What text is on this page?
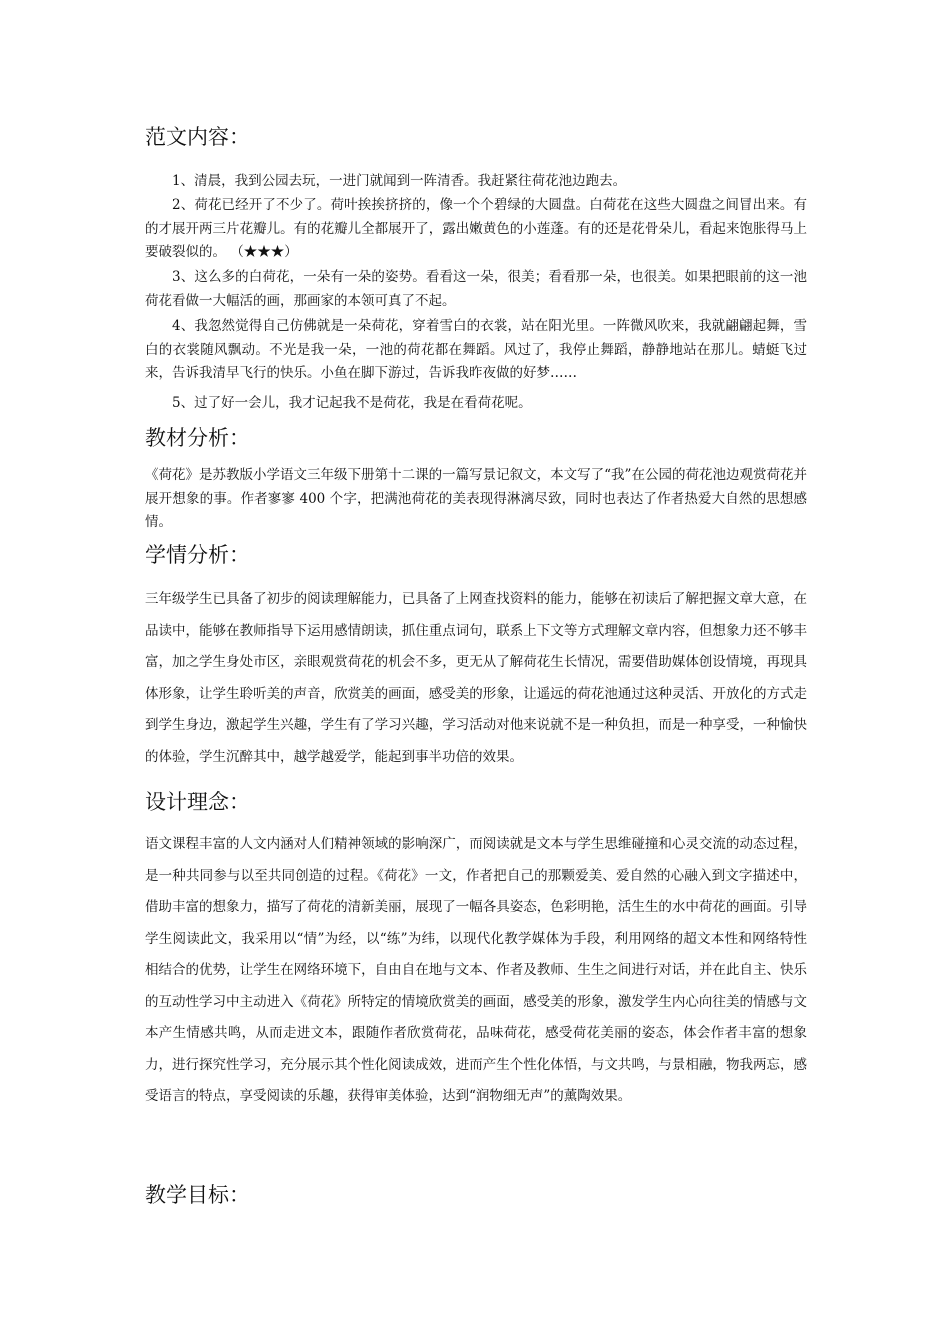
范文内容：

1、清晨，我到公园去玩，一进门就闻到一阵清香。我赶紧往荷花池边跑去。

2、荷花已经开了不少了。荷叶挨挨挤挤的，像一个个碧绿的大圆盘。白荷花在这些大圆盘之间冒出来。有的才展开两三片花瓣儿。有的花瓣儿全都展开了，露出嫩黄色的小莲蓬。有的还是花骨朵儿，看起来饱胀得马上要破裂似的。 （★★★）

3、这么多的白荷花，一朵有一朵的姿势。看看这一朵，很美；看看那一朵，也很美。如果把眼前的这一池荷花看做一大幅活的画，那画家的本领可真了不起。

4、我忽然觉得自己仿佛就是一朵荷花，穿着雪白的衣裳，站在阳光里。一阵微风吹来，我就翩翩起舞，雪白的衣裳随风飘动。不光是我一朵，一池的荷花都在舞蹈。风过了，我停止舞蹈，静静地站在那儿。蜻蜓飞过来，告诉我清早飞行的快乐。小鱼在脚下游过，告诉我昨夜做的好梦……

5、过了好一会儿，我才记起我不是荷花，我是在看荷花呢。

教材分析：

《荷花》是苏教版小学语文三年级下册第十二课的一篇写景记叙文，本文写了“我”在公园的荷花池边观赏荷花并展开想象的事。作者寥寥 400 个字，把满池荷花的美表现得淋漓尽致，同时也表达了作者热爱大自然的思想感情。

学情分析：

三年级学生已具备了初步的阅读理解能力，已具备了上网查找资料的能力，能够在初读后了解把握文章大意，在品读中，能够在教师指导下运用感情朗读，抓住重点词句，联系上下文等方式理解文章内容，但想象力还不够丰富，加之学生身处市区，亲眼观赏荷花的机会不多，更无从了解荷花生长情况，需要借助媒体创设情境，再现具体形象，让学生聆听美的声音，欣赏美的画面，感受美的形象，让遥远的荷花池通过这种灵活、开放化的方式走到学生身边，激起学生兴趣，学生有了学习兴趣，学习活动对他来说就不是一种负担，而是一种享受，一种愉快的体验，学生沉醉其中，越学越爱学，能起到事半功倍的效果。

设计理念：

语文课程丰富的人文内涵对人们精神领域的影响深广，而阅读就是文本与学生思维碰撞和心灵交流的动态过程，是一种共同参与以至共同创造的过程。《荷花》一文，作者把自己的那颗爱美、爱自然的心融入到文字描述中，借助丰富的想象力，描写了荷花的清新美丽，展现了一幅各具姿态，色彩明艳，活生生的水中荷花的画面。引导学生阅读此文，我采用以“情”为经，以“练”为纬，以现代化教学媒体为手段，利用网络的超文本性和网络特性相结合的优势，让学生在网络环境下，自由自在地与文本、作者及教师、生生之间进行对话，并在此自主、快乐的互动性学习中主动进入《荷花》所特定的情境欣赏美的画面，感受美的形象，激发学生内心向往美的情感与文本产生情感共鸣，从而走进文本，跟随作者欣赏荷花，品味荷花，感受荷花美丽的姿态，体会作者丰富的想象力，进行探究性学习，充分展示其个性化阅读成效，进而产生个性化体悟，与文共鸣，与景相融，物我两忘，感受语言的特点，享受阅读的乐趣，获得审美体验，达到“润物细无声”的薰陶效果。

教学目标：
